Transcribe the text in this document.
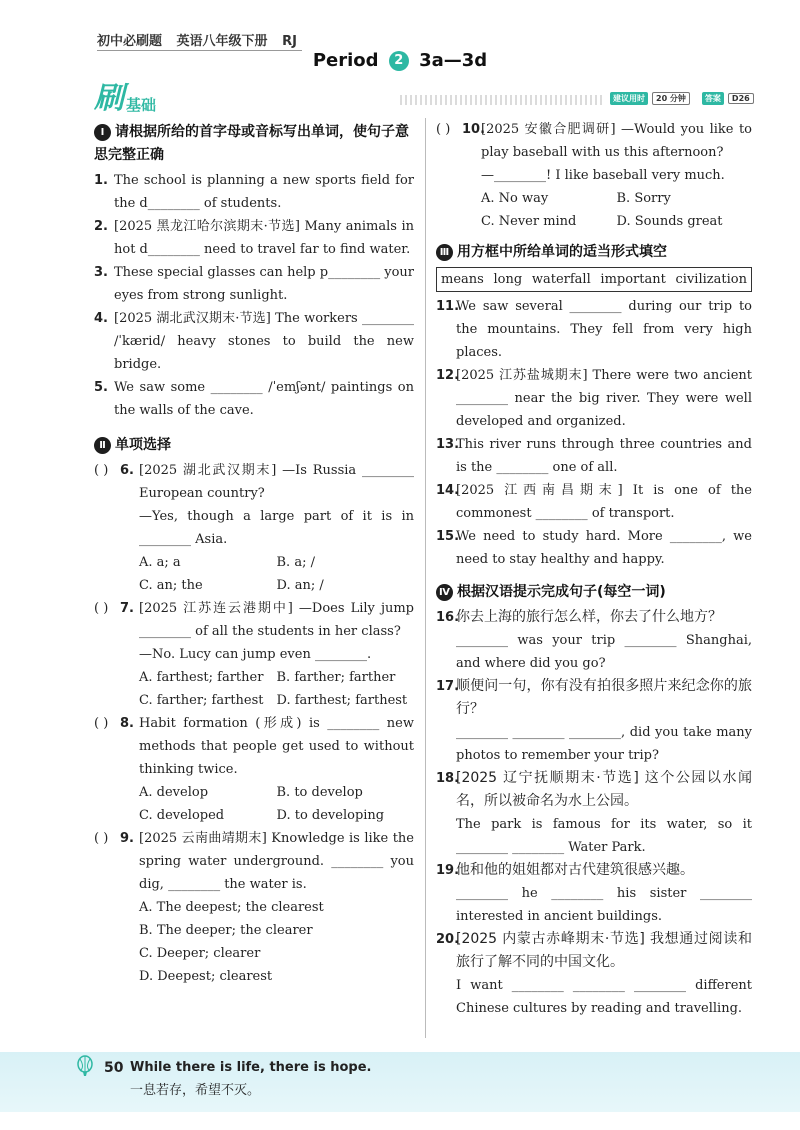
初中必刷题 英语八年级下册 RJ
Period 2 3a—3d
刷 基础	建议用时	20 分钟	答案	D26
Ⅰ 请根据所给的首字母或音标写出单词，使句子意思完整正确
1. The school is planning a new sports field for the d________ of students.
2. [2025 黑龙江哈尔滨期末·节选] Many animals in hot d________ need to travel far to find water.
3. These special glasses can help p________ your eyes from strong sunlight.
4. [2025 湖北武汉期末·节选] The workers ________ /ˈkærid/ heavy stones to build the new bridge.
5. We saw some ________ /ˈemʃənt/ paintings on the walls of the cave.
Ⅱ 单项选择
( ) 6. [2025 湖北武汉期末] —Is Russia ________ European country?
—Yes, though a large part of it is in ________ Asia.
A. a; a	B. a; /
C. an; the	D. an; /
( ) 7. [2025 江苏连云港期中] —Does Lily jump ________ of all the students in her class?
—No. Lucy can jump even ________.
A. farthest; farther	B. farther; farther
C. farther; farthest D. farthest; farthest
( ) 8. Habit formation (形成) is ________ new methods that people get used to without thinking twice.
A. develop	B. to develop
C. developed	D. to developing
( ) 9. [2025 云南曲靖期末] Knowledge is like the spring water underground. ________ you dig, ________ the water is.
A. The deepest; the clearest
B. The deeper; the clearer
C. Deeper; clearer
D. Deepest; clearest
( ) 10.
[2025 安徽合肥调研] —Would you like to play baseball with us this afternoon?
—________! I like baseball very much.
A. No way	B. Sorry
C. Never mind	D. Sounds great
Ⅲ 用方框中所给单词的适当形式填空
means long waterfall important civilization
11.
We saw several ________ during our trip to the mountains. They fell from very high places.
12.
[2025 江苏盐城期末] There were two ancient ________ near the big river. They were well developed and organized.
13.
This river runs through three countries and is the ________ one of all.
14.
[2025 江西南昌期末] It is one of the commonest ________ of transport.
15.
We need to study hard. More ________, we need to stay healthy and happy.
Ⅳ 根据汉语提示完成句子(每空一词)
16.
你去上海的旅行怎么样，你去了什么地方？
________ was your trip ________ Shanghai, and where did you go?
17.
顺便问一句，你有没有拍很多照片来纪念你的旅行？
________ ________ ________, did you take many photos to remember your trip?
18.
[2025 辽宁抚顺期末·节选] 这个公园以水闻名，所以被命名为水上公园。
The park is famous for its water, so it ________ ________ Water Park.
19.
他和他的姐姐都对古代建筑很感兴趣。
________ he ________ his sister ________ interested in ancient buildings.
20.
[2025 内蒙古赤峰期末·节选] 我想通过阅读和旅行了解不同的中国文化。
I want ________ ________ ________ different Chinese cultures by reading and travelling.
50 While there is life, there is hope.
一息若存，希望不灭。
